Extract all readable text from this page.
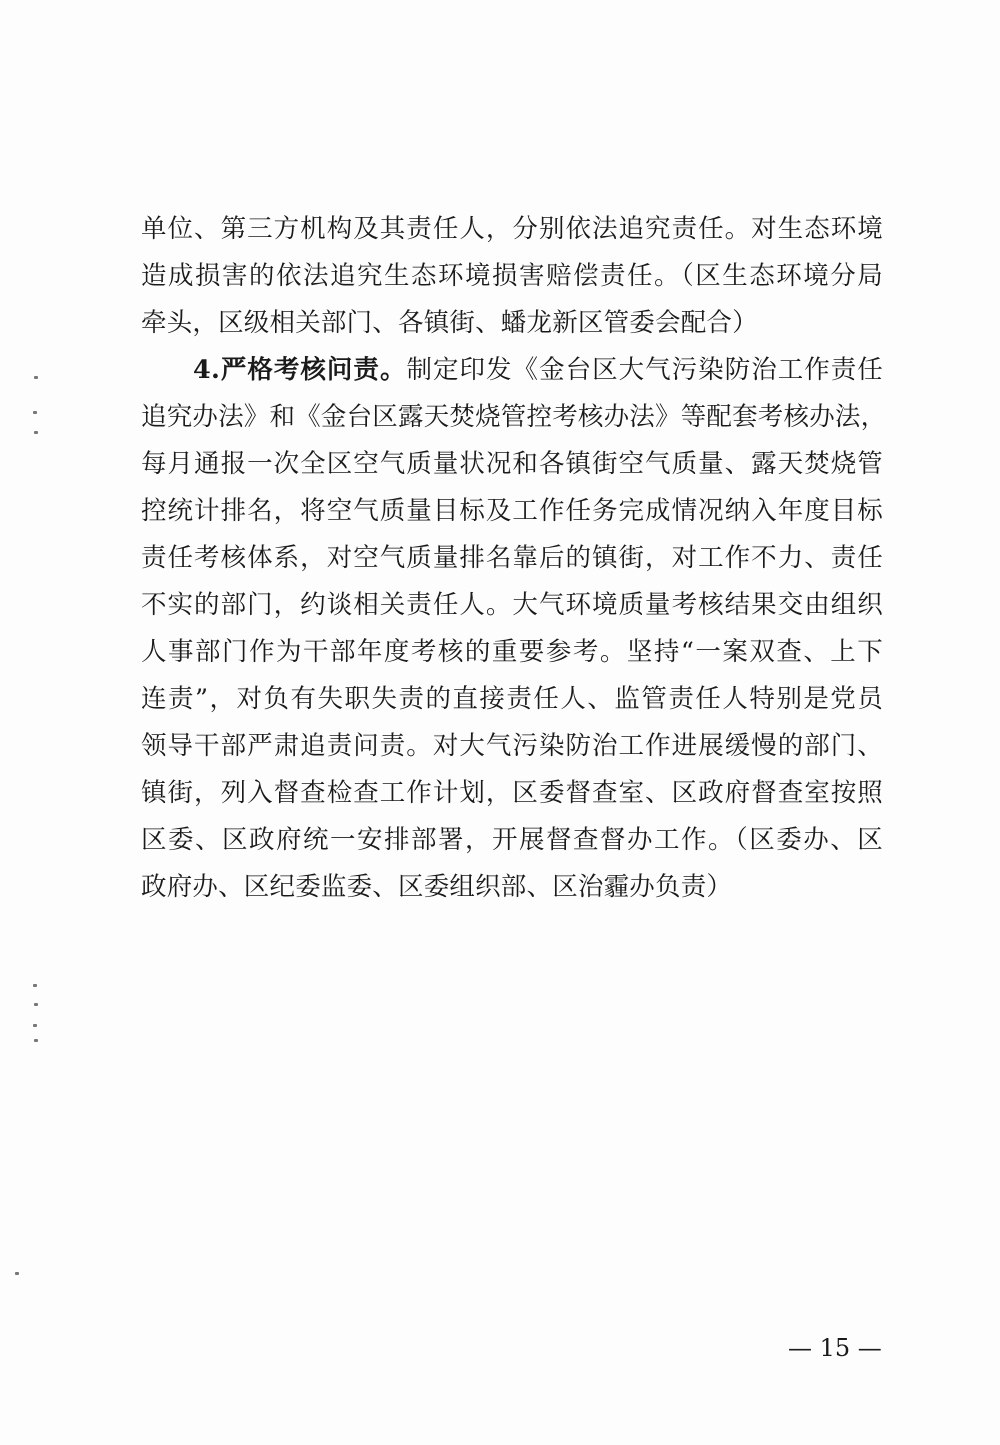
单位、第三方机构及其责任人，分别依法追究责任。对生态环境
造成损害的依法追究生态环境损害赔偿责任。（区生态环境分局
牵头，区级相关部门、各镇街、蟠龙新区管委会配合）
4.严格考核问责。制定印发《金台区大气污染防治工作责任
追究办法》和《金台区露天焚烧管控考核办法》等配套考核办法，
每月通报一次全区空气质量状况和各镇街空气质量、露天焚烧管
控统计排名，将空气质量目标及工作任务完成情况纳入年度目标
责任考核体系，对空气质量排名靠后的镇街，对工作不力、责任
不实的部门，约谈相关责任人。大气环境质量考核结果交由组织
人事部门作为干部年度考核的重要参考。坚持“一案双查、上下
连责”，对负有失职失责的直接责任人、监管责任人特别是党员
领导干部严肃追责问责。对大气污染防治工作进展缓慢的部门、
镇街，列入督查检查工作计划，区委督查室、区政府督查室按照
区委、区政府统一安排部署，开展督查督办工作。（区委办、区
政府办、区纪委监委、区委组织部、区治霾办负责）
— 15 —
